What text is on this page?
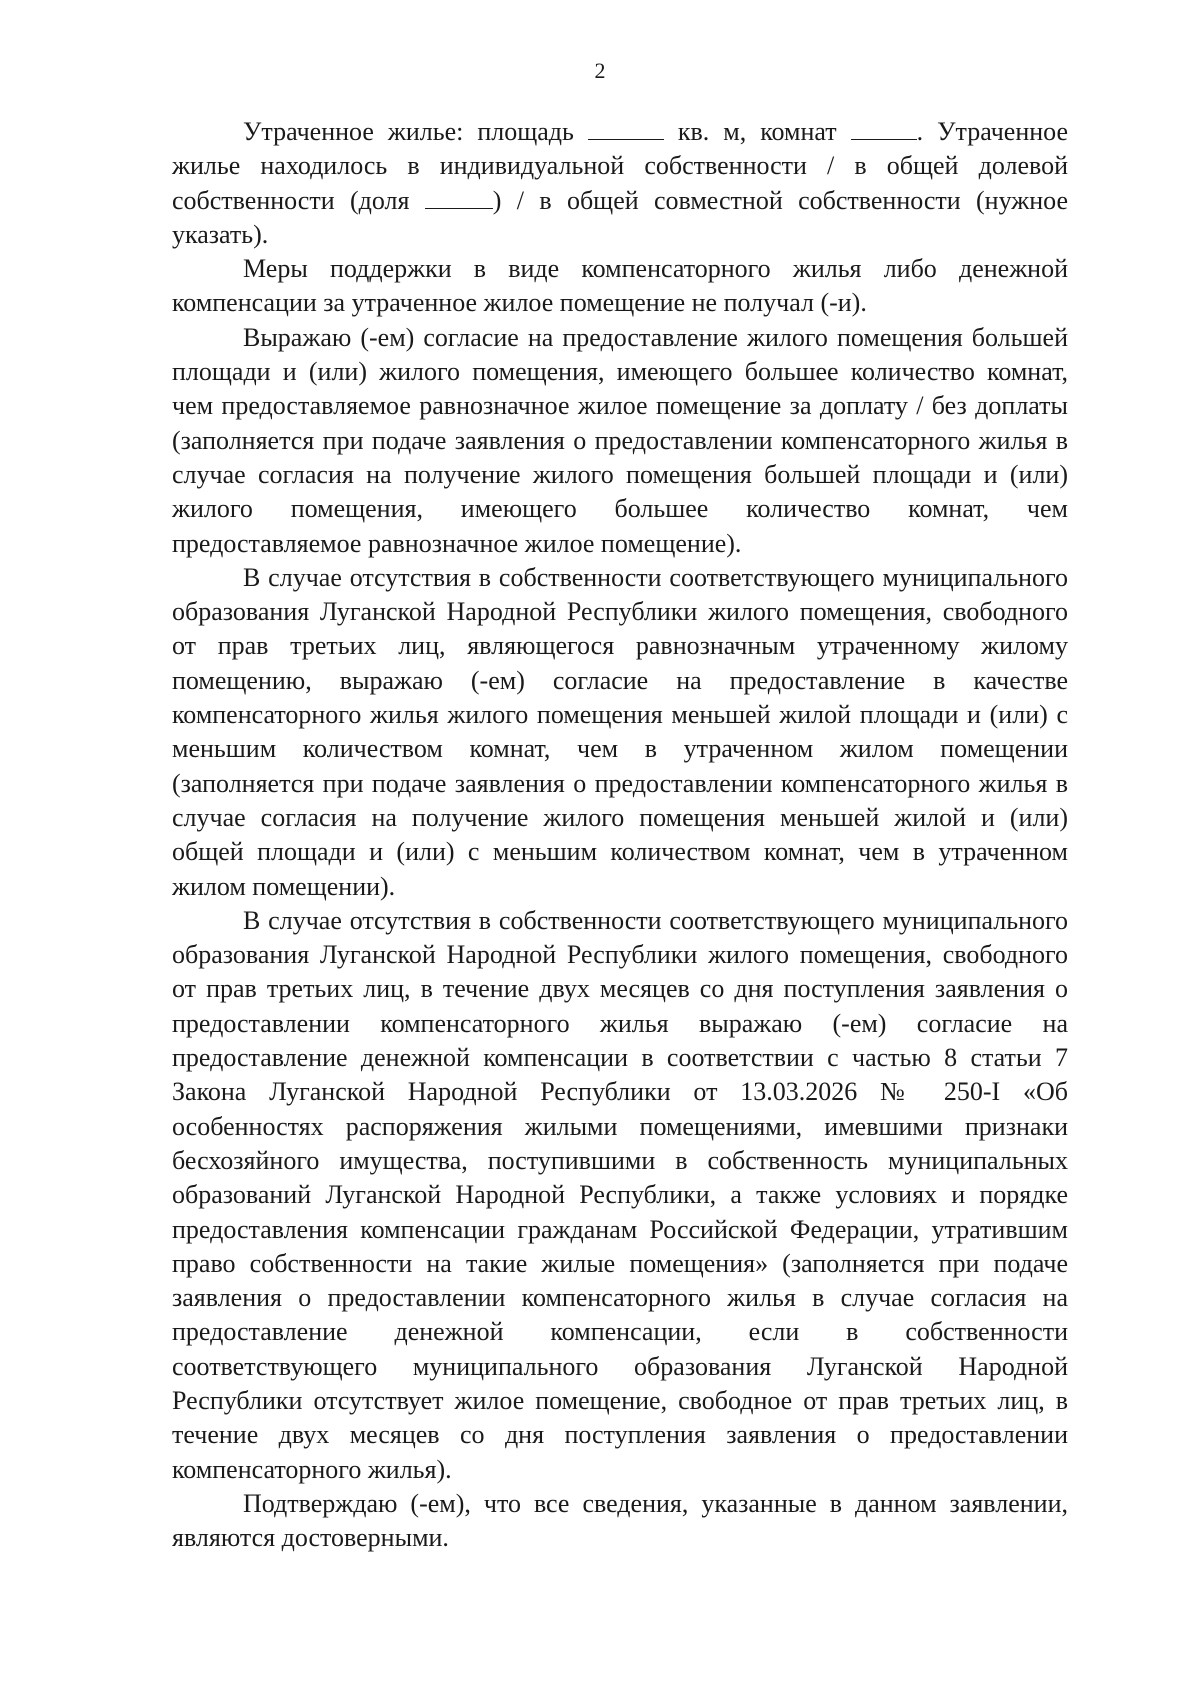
2

Утраченное жилье: площадь	кв. м, комнат	. Утраченное жилье находилось в индивидуальной собственности / в общей долевой собственности (доля	) / в общей совместной собственности (нужное указать).

Меры поддержки в виде компенсаторного жилья либо денежной компенсации за утраченное жилое помещение не получал (-и).

Выражаю (-ем) согласие на предоставление жилого помещения большей площади и (или) жилого помещения, имеющего большее количество комнат, чем предоставляемое равнозначное жилое помещение за доплату / без доплаты (заполняется при подаче заявления о предоставлении компенсаторного жилья в случае согласия на получение жилого помещения большей площади и (или) жилого помещения, имеющего большее количество комнат, чем предоставляемое равнозначное жилое помещение).

В случае отсутствия в собственности соответствующего муниципального образования Луганской Народной Республики жилого помещения, свободного от прав третьих лиц, являющегося равнозначным утраченному жилому помещению, выражаю (-ем) согласие на предоставление в качестве компенсаторного жилья жилого помещения меньшей жилой площади и (или) с меньшим количеством комнат, чем в утраченном жилом помещении (заполняется при подаче заявления о предоставлении компенсаторного жилья в случае согласия на получение жилого помещения меньшей жилой и (или) общей площади и (или) с меньшим количеством комнат, чем в утраченном жилом помещении).

В случае отсутствия в собственности соответствующего муниципального образования Луганской Народной Республики жилого помещения, свободного от прав третьих лиц, в течение двух месяцев со дня поступления заявления о предоставлении компенсаторного жилья выражаю (-ем) согласие на предоставление денежной компенсации в соответствии с частью 8 статьи 7 Закона Луганской Народной Республики от 13.03.2026 № 250-I «Об особенностях распоряжения жилыми помещениями, имевшими признаки бесхозяйного имущества, поступившими в собственность муниципальных образований Луганской Народной Республики, а также условиях и порядке предоставления компенсации гражданам Российской Федерации, утратившим право собственности на такие жилые помещения» (заполняется при подаче заявления о предоставлении компенсаторного жилья в случае согласия на предоставление денежной компенсации, если в собственности соответствующего муниципального образования Луганской Народной Республики отсутствует жилое помещение, свободное от прав третьих лиц, в течение двух месяцев со дня поступления заявления о предоставлении компенсаторного жилья).

Подтверждаю (-ем), что все сведения, указанные в данном заявлении, являются достоверными.
